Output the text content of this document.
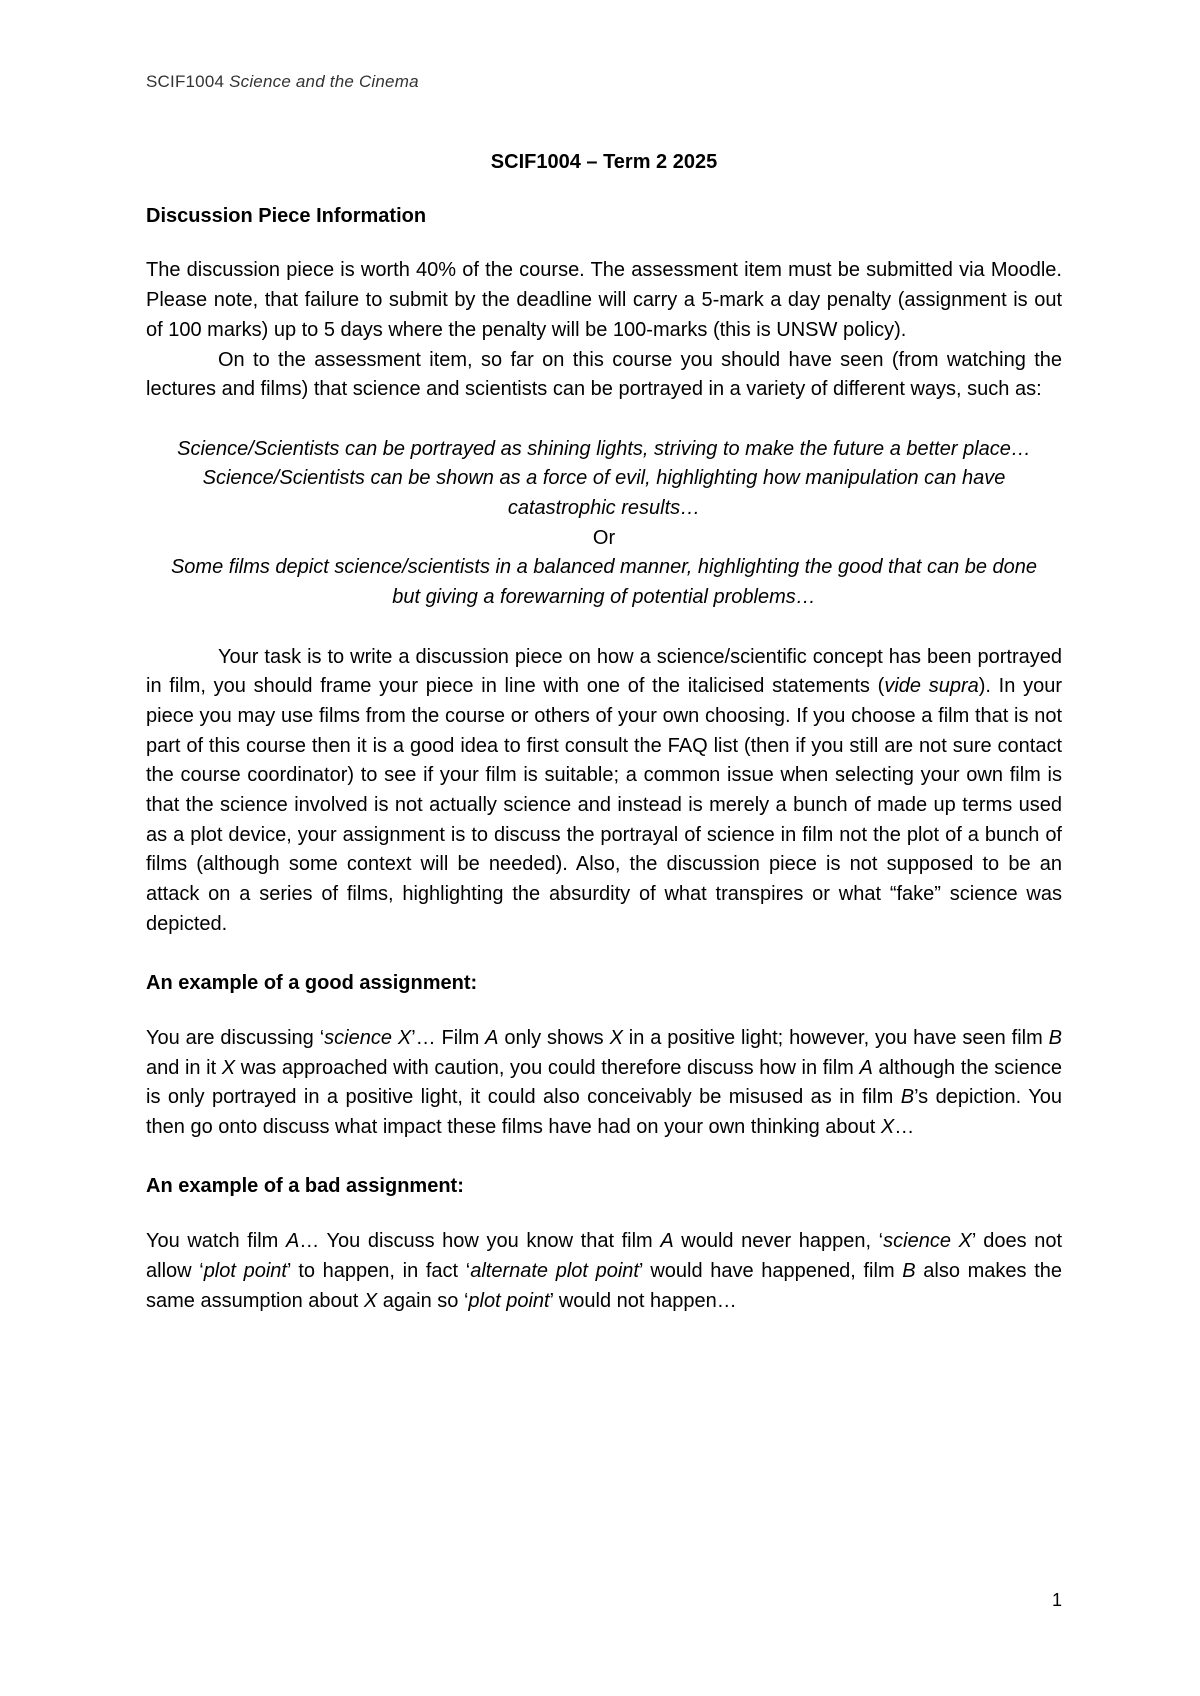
SCIF1004 Science and the Cinema

SCIF1004 – Term 2 2025

Discussion Piece Information

The discussion piece is worth 40% of the course. The assessment item must be submitted via Moodle. Please note, that failure to submit by the deadline will carry a 5-mark a day penalty (assignment is out of 100 marks) up to 5 days where the penalty will be 100-marks (this is UNSW policy).

On to the assessment item, so far on this course you should have seen (from watching the lectures and films) that science and scientists can be portrayed in a variety of different ways, such as:

Science/Scientists can be portrayed as shining lights, striving to make the future a better place…
Science/Scientists can be shown as a force of evil, highlighting how manipulation can have catastrophic results…
Or
Some films depict science/scientists in a balanced manner, highlighting the good that can be done but giving a forewarning of potential problems…

Your task is to write a discussion piece on how a science/scientific concept has been portrayed in film, you should frame your piece in line with one of the italicised statements (vide supra). In your piece you may use films from the course or others of your own choosing. If you choose a film that is not part of this course then it is a good idea to first consult the FAQ list (then if you still are not sure contact the course coordinator) to see if your film is suitable; a common issue when selecting your own film is that the science involved is not actually science and instead is merely a bunch of made up terms used as a plot device, your assignment is to discuss the portrayal of science in film not the plot of a bunch of films (although some context will be needed). Also, the discussion piece is not supposed to be an attack on a series of films, highlighting the absurdity of what transpires or what “fake” science was depicted.

An example of a good assignment:

You are discussing ‘science X’… Film A only shows X in a positive light; however, you have seen film B and in it X was approached with caution, you could therefore discuss how in film A although the science is only portrayed in a positive light, it could also conceivably be misused as in film B’s depiction. You then go onto discuss what impact these films have had on your own thinking about X…

An example of a bad assignment:

You watch film A… You discuss how you know that film A would never happen, ‘science X’ does not allow ‘plot point’ to happen, in fact ‘alternate plot point’ would have happened, film B also makes the same assumption about X again so ‘plot point’ would not happen…

1
